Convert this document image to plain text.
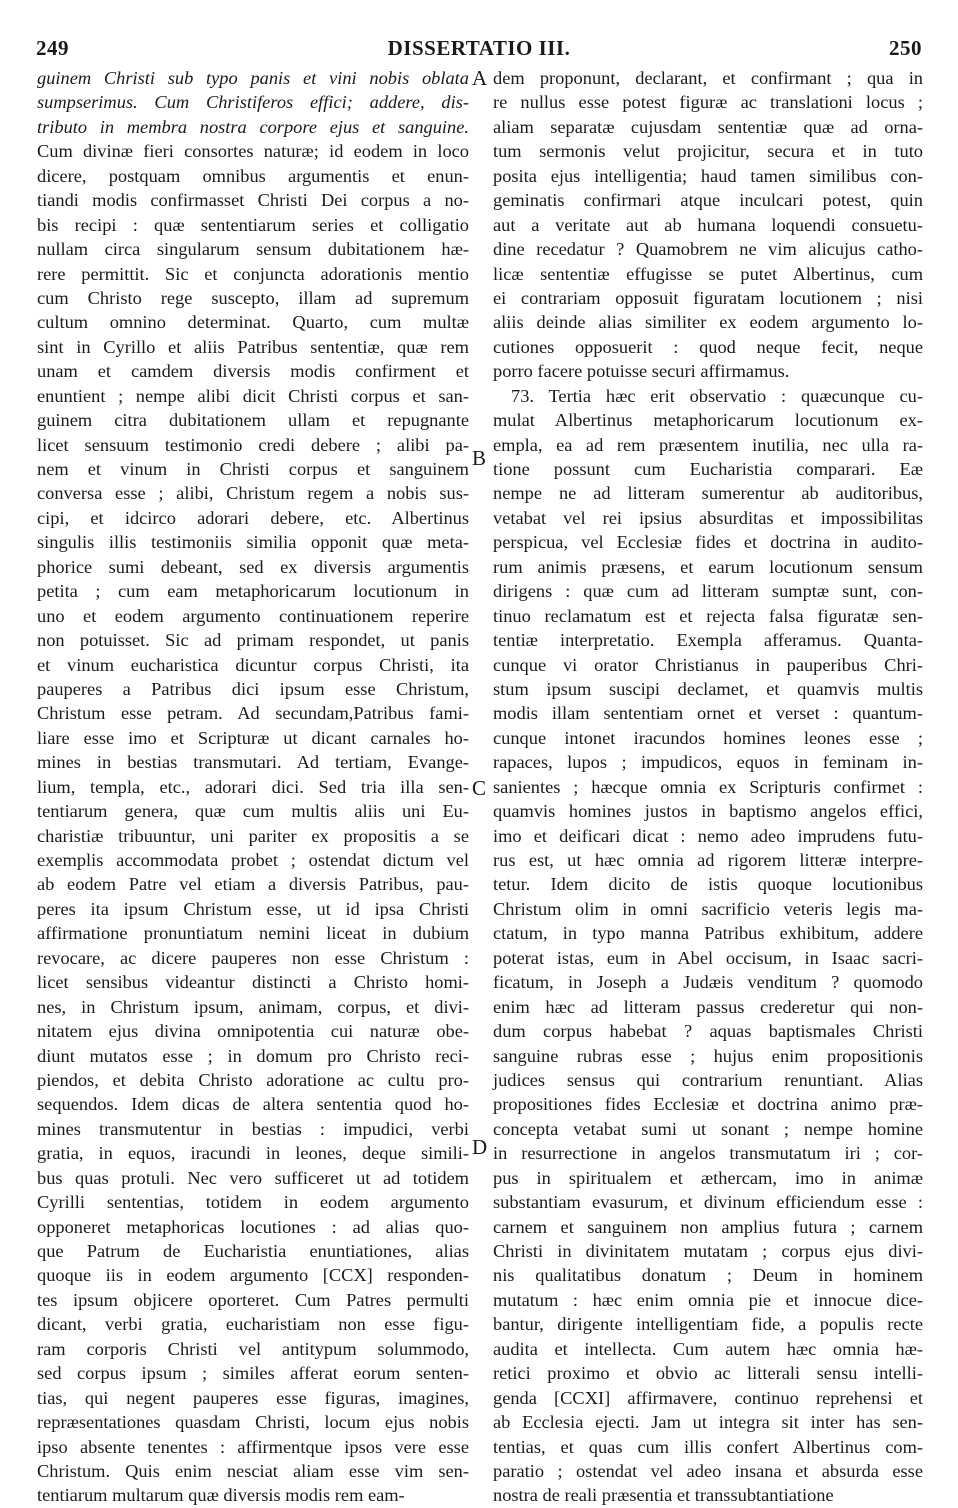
249	DISSERTATIO III.	250
guinem Christi sub typo panis et vini nobis oblata
sumpserimus. Cum Christiferos effici; addere, dis-
tributo in membra nostra corpore ejus et sanguine.
Cum divinæ fieri consortes naturæ; id eodem in loco
dicere, postquam omnibus argumentis et enun-
tiandi modis confirmasset Christi Dei corpus a no-
bis recipi : quæ sententiarum series et colligatio
nullam circa singularum sensum dubitationem hæ-
rere permittit. Sic et conjuncta adorationis mentio
cum Christo rege suscepto, illam ad supremum
cultum omnino determinat. Quarto, cum multæ
sint in Cyrillo et aliis Patribus sententiæ, quæ rem
unam et camdem diversis modis confirment et
enuntient ; nempe alibi dicit Christi corpus et san-
guinem citra dubitationem ullam et repugnante
licet sensuum testimonio credi debere ; alibi pa-
nem et vinum in Christi corpus et sanguinem
conversa esse ; alibi, Christum regem a nobis sus-
cipi, et idcirco adorari debere, etc. Albertinus
singulis illis testimoniis similia opponit quæ meta-
phorice sumi debeant, sed ex diversis argumentis
petita ; cum eam metaphoricarum locutionum in
uno et eodem argumento continuationem reperire
non potuisset. Sic ad primam respondet, ut panis
et vinum eucharistica dicuntur corpus Christi, ita
pauperes a Patribus dici ipsum esse Christum,
Christum esse petram. Ad secundam,Patribus fami-
liare esse imo et Scripturæ ut dicant carnales ho-
mines in bestias transmutari. Ad tertiam, Evange-
lium, templa, etc., adorari dici. Sed tria illa sen-
tentiarum genera, quæ cum multis aliis uni Eu-
charistiæ tribuuntur, uni pariter ex propositis a se
exemplis accommodata probet ; ostendat dictum vel
ab eodem Patre vel etiam a diversis Patribus, pau-
peres ita ipsum Christum esse, ut id ipsa Christi
affirmatione pronuntiatum nemini liceat in dubium
revocare, ac dicere pauperes non esse Christum :
licet sensibus videantur distincti a Christo homi-
nes, in Christum ipsum, animam, corpus, et divi-
nitatem ejus divina omnipotentia cui naturæ obe-
diunt mutatos esse ; in domum pro Christo reci-
piendos, et debita Christo adoratione ac cultu pro-
sequendos. Idem dicas de altera sententia quod ho-
mines transmutentur in bestias : impudici, verbi
gratia, in equos, iracundi in leones, deque simili-
bus quas protuli. Nec vero sufficeret ut ad totidem
Cyrilli sententias, totidem in eodem argumento
opponeret metaphoricas locutiones : ad alias quo-
que Patrum de Eucharistia enuntiationes, alias
quoque iis in eodem argumento [CCX] responden-
tes ipsum objicere oporteret. Cum Patres permulti
dicant, verbi gratia, eucharistiam non esse figu-
ram corporis Christi vel antitypum solummodo,
sed corpus ipsum ; similes afferat eorum senten-
tias, qui negent pauperes esse figuras, imagines,
repræsentationes quasdam Christi, locum ejus nobis
ipso absente tenentes : affirmentque ipsos vere esse
Christum. Quis enim nesciat aliam esse vim sen-
tentiarum multarum quæ diversis modis rem eam-
dem proponunt, declarant, et confirmant ; qua in
re nullus esse potest figuræ ac translationi locus ;
aliam separatæ cujusdam sententiæ quæ ad orna-
tum sermonis velut projicitur, secura et in tuto
posita ejus intelligentia; haud tamen similibus con-
geminatis confirmari atque inculcari potest, quin
aut a veritate aut ab humana loquendi consuetu-
dine recedatur ? Quamobrem ne vim alicujus catho-
licæ sententiæ effugisse se putet Albertinus, cum
ei contrariam opposuit figuratam locutionem ; nisi
aliis deinde alias similiter ex eodem argumento lo-
cutiones opposuerit : quod neque fecit, neque
porro facere potuisse securi affirmamus.
73. Tertia hæc erit observatio : quæcunque cu-
mulat Albertinus metaphoricarum locutionum ex-
empla, ea ad rem præsentem inutilia, nec ulla ra-
tione possunt cum Eucharistia comparari. Eæ
nempe ne ad litteram sumerentur ab auditoribus,
vetabat vel rei ipsius absurditas et impossibilitas
perspicua, vel Ecclesiæ fides et doctrina in audito-
rum animis præsens, et earum locutionum sensum
dirigens : quæ cum ad litteram sumptæ sunt, con-
tinuo reclamatum est et rejecta falsa figuratæ sen-
tentiæ interpretatio. Exempla afferamus. Quanta-
cunque vi orator Christianus in pauperibus Chri-
stum ipsum suscipi declamet, et quamvis multis
modis illam sententiam ornet et verset : quantum-
cunque intonet iracundos homines leones esse ;
rapaces, lupos ; impudicos, equos in feminam in-
sanientes ; hæcque omnia ex Scripturis confirmet :
quamvis homines justos in baptismo angelos effici,
imo et deificari dicat : nemo adeo imprudens futu-
rus est, ut hæc omnia ad rigorem litteræ interpre-
tetur. Idem dicito de istis quoque locutionibus
Christum olim in omni sacrificio veteris legis ma-
ctatum, in typo manna Patribus exhibitum, addere
poterat istas, eum in Abel occisum, in Isaac sacri-
ficatum, in Joseph a Judæis venditum ? quomodo
enim hæc ad litteram passus crederetur qui non-
dum corpus habebat ? aquas baptismales Christi
sanguine rubras esse ; hujus enim propositionis
judices sensus qui contrarium renuntiant. Alias
propositiones fides Ecclesiæ et doctrina animo præ-
concepta vetabat sumi ut sonant ; nempe homine
in resurrectione in angelos transmutatum iri ; cor-
pus in spiritualem et æthercam, imo in animæ
substantiam evasurum, et divinum efficiendum esse :
carnem et sanguinem non amplius futura ; carnem
Christi in divinitatem mutatam ; corpus ejus divi-
nis qualitatibus donatum ; Deum in hominem
mutatum : hæc enim omnia pie et innocue dice-
bantur, dirigente intelligentiam fide, a populis recte
audita et intellecta. Cum autem hæc omnia hæ-
retici proximo et obvio ac litterali sensu intelli-
genda [CCXI] affirmavere, continuo reprehensi et
ab Ecclesia ejecti. Jam ut integra sit inter has sen-
tentias, et quas cum illis confert Albertinus com-
paratio ; ostendat vel adeo insana et absurda esse
nostra de reali præsentia et transsubtantiatione
A
B
C
D
